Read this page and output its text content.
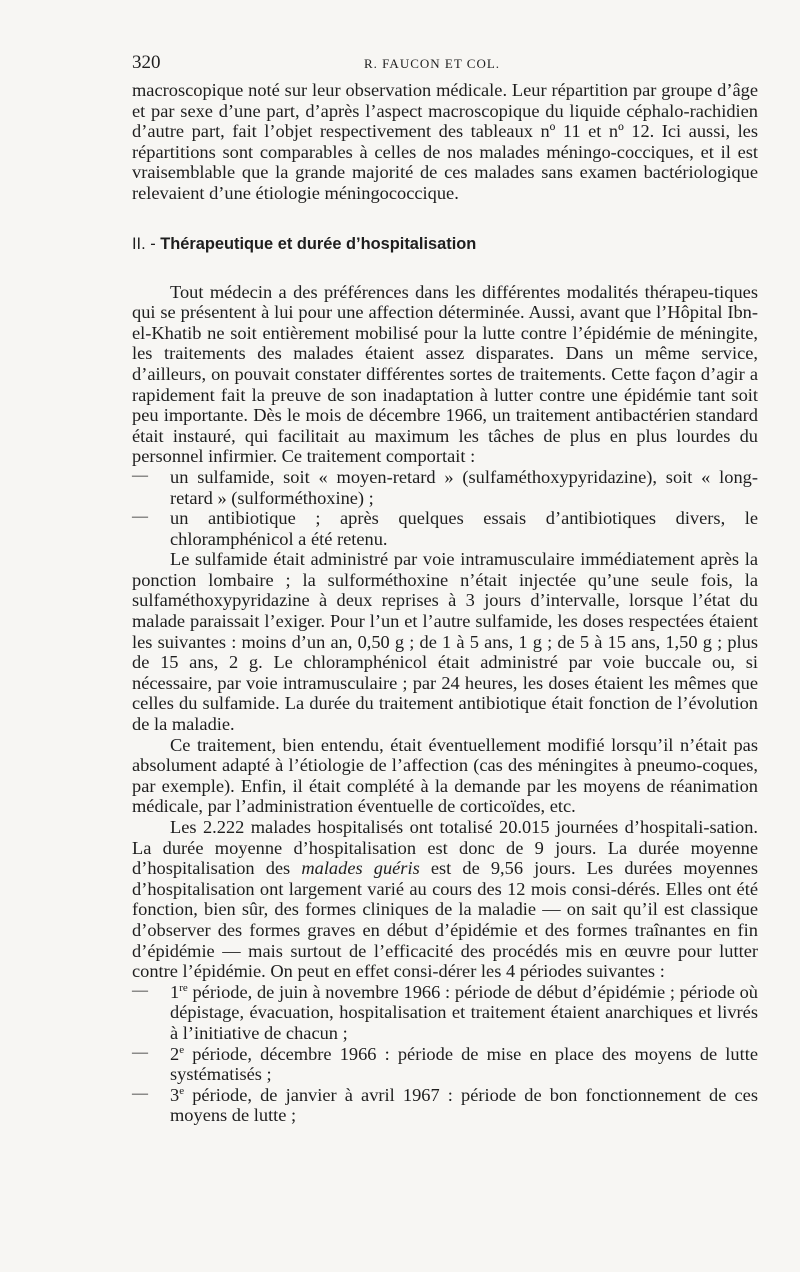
320	R. FAUCON ET COL.

macroscopique noté sur leur observation médicale. Leur répartition par groupe d’âge et par sexe d’une part, d’après l’aspect macroscopique du liquide céphalo-rachidien d’autre part, fait l’objet respectivement des tableaux nº 11 et nº 12. Ici aussi, les répartitions sont comparables à celles de nos malades méningo-cocciques, et il est vraisemblable que la grande majorité de ces malades sans examen bactériologique relevaient d’une étiologie méningococcique.

II. - Thérapeutique et durée d’hospitalisation

Tout médecin a des préférences dans les différentes modalités thérapeu-tiques qui se présentent à lui pour une affection déterminée. Aussi, avant que l’Hôpital Ibn-el-Khatib ne soit entièrement mobilisé pour la lutte contre l’épidémie de méningite, les traitements des malades étaient assez disparates. Dans un même service, d’ailleurs, on pouvait constater différentes sortes de traitements. Cette façon d’agir a rapidement fait la preuve de son inadaptation à lutter contre une épidémie tant soit peu importante. Dès le mois de décembre 1966, un traitement antibactérien standard était instauré, qui facilitait au maximum les tâches de plus en plus lourdes du personnel infirmier. Ce traitement comportait :

—	un sulfamide, soit « moyen-retard » (sulfaméthoxypyridazine), soit « long-retard » (sulforméthoxine) ;

—	un antibiotique ; après quelques essais d’antibiotiques divers, le chloramphénicol a été retenu.

Le sulfamide était administré par voie intramusculaire immédiatement après la ponction lombaire ; la sulforméthoxine n’était injectée qu’une seule fois, la sulfaméthoxypyridazine à deux reprises à 3 jours d’intervalle, lorsque l’état du malade paraissait l’exiger. Pour l’un et l’autre sulfamide, les doses respectées étaient les suivantes : moins d’un an, 0,50 g ; de 1 à 5 ans, 1 g ; de 5 à 15 ans, 1,50 g ; plus de 15 ans, 2 g. Le chloramphénicol était administré par voie buccale ou, si nécessaire, par voie intramusculaire ; par 24 heures, les doses étaient les mêmes que celles du sulfamide. La durée du traitement antibiotique était fonction de l’évolution de la maladie.

Ce traitement, bien entendu, était éventuellement modifié lorsqu’il n’était pas absolument adapté à l’étiologie de l’affection (cas des méningites à pneumo-coques, par exemple). Enfin, il était complété à la demande par les moyens de réanimation médicale, par l’administration éventuelle de corticoïdes, etc.

Les 2.222 malades hospitalisés ont totalisé 20.015 journées d’hospitali-sation. La durée moyenne d’hospitalisation est donc de 9 jours. La durée moyenne d’hospitalisation des malades guéris est de 9,56 jours. Les durées moyennes d’hospitalisation ont largement varié au cours des 12 mois consi-dérés. Elles ont été fonction, bien sûr, des formes cliniques de la maladie — on sait qu’il est classique d’observer des formes graves en début d’épidémie et des formes traînantes en fin d’épidémie — mais surtout de l’efficacité des procédés mis en œuvre pour lutter contre l’épidémie. On peut en effet consi-dérer les 4 périodes suivantes :

—	1re période, de juin à novembre 1966 : période de début d’épidémie ; période où dépistage, évacuation, hospitalisation et traitement étaient anarchiques et livrés à l’initiative de chacun ;

—	2e période, décembre 1966 : période de mise en place des moyens de lutte systématisés ;

—	3e période, de janvier à avril 1967 : période de bon fonctionnement de ces moyens de lutte ;
